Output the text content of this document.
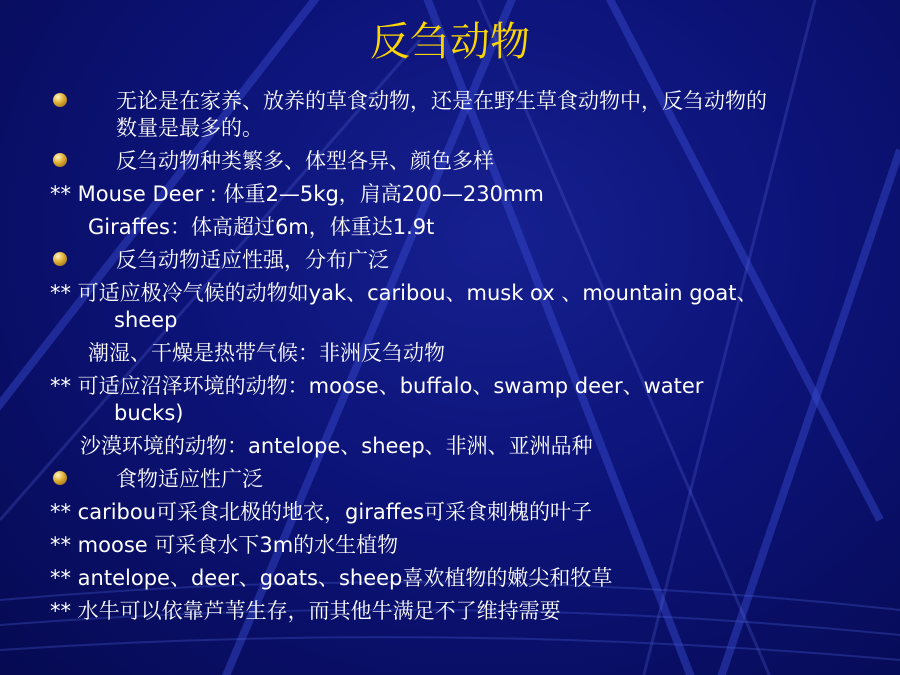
反刍动物
无论是在家养、放养的草食动物，还是在野生草食动物中，反刍动物的
数量是最多的。
反刍动物种类繁多、体型各异、颜色多样
** Mouse Deer : 体重2—5kg，肩高200—230mm
Giraffes：体高超过6m，体重达1.9t
反刍动物适应性强，分布广泛
** 可适应极冷气候的动物如yak、caribou、musk ox 、mountain goat、
sheep
潮湿、干燥是热带气候：非洲反刍动物
** 可适应沼泽环境的动物：moose、buffalo、swamp deer、water
bucks)
沙漠环境的动物：antelope、sheep、非洲、亚洲品种
食物适应性广泛
** caribou可采食北极的地衣，giraffes可采食刺槐的叶子
** moose 可采食水下3m的水生植物
** antelope、deer、goats、sheep喜欢植物的嫩尖和牧草
** 水牛可以依靠芦苇生存，而其他牛满足不了维持需要
